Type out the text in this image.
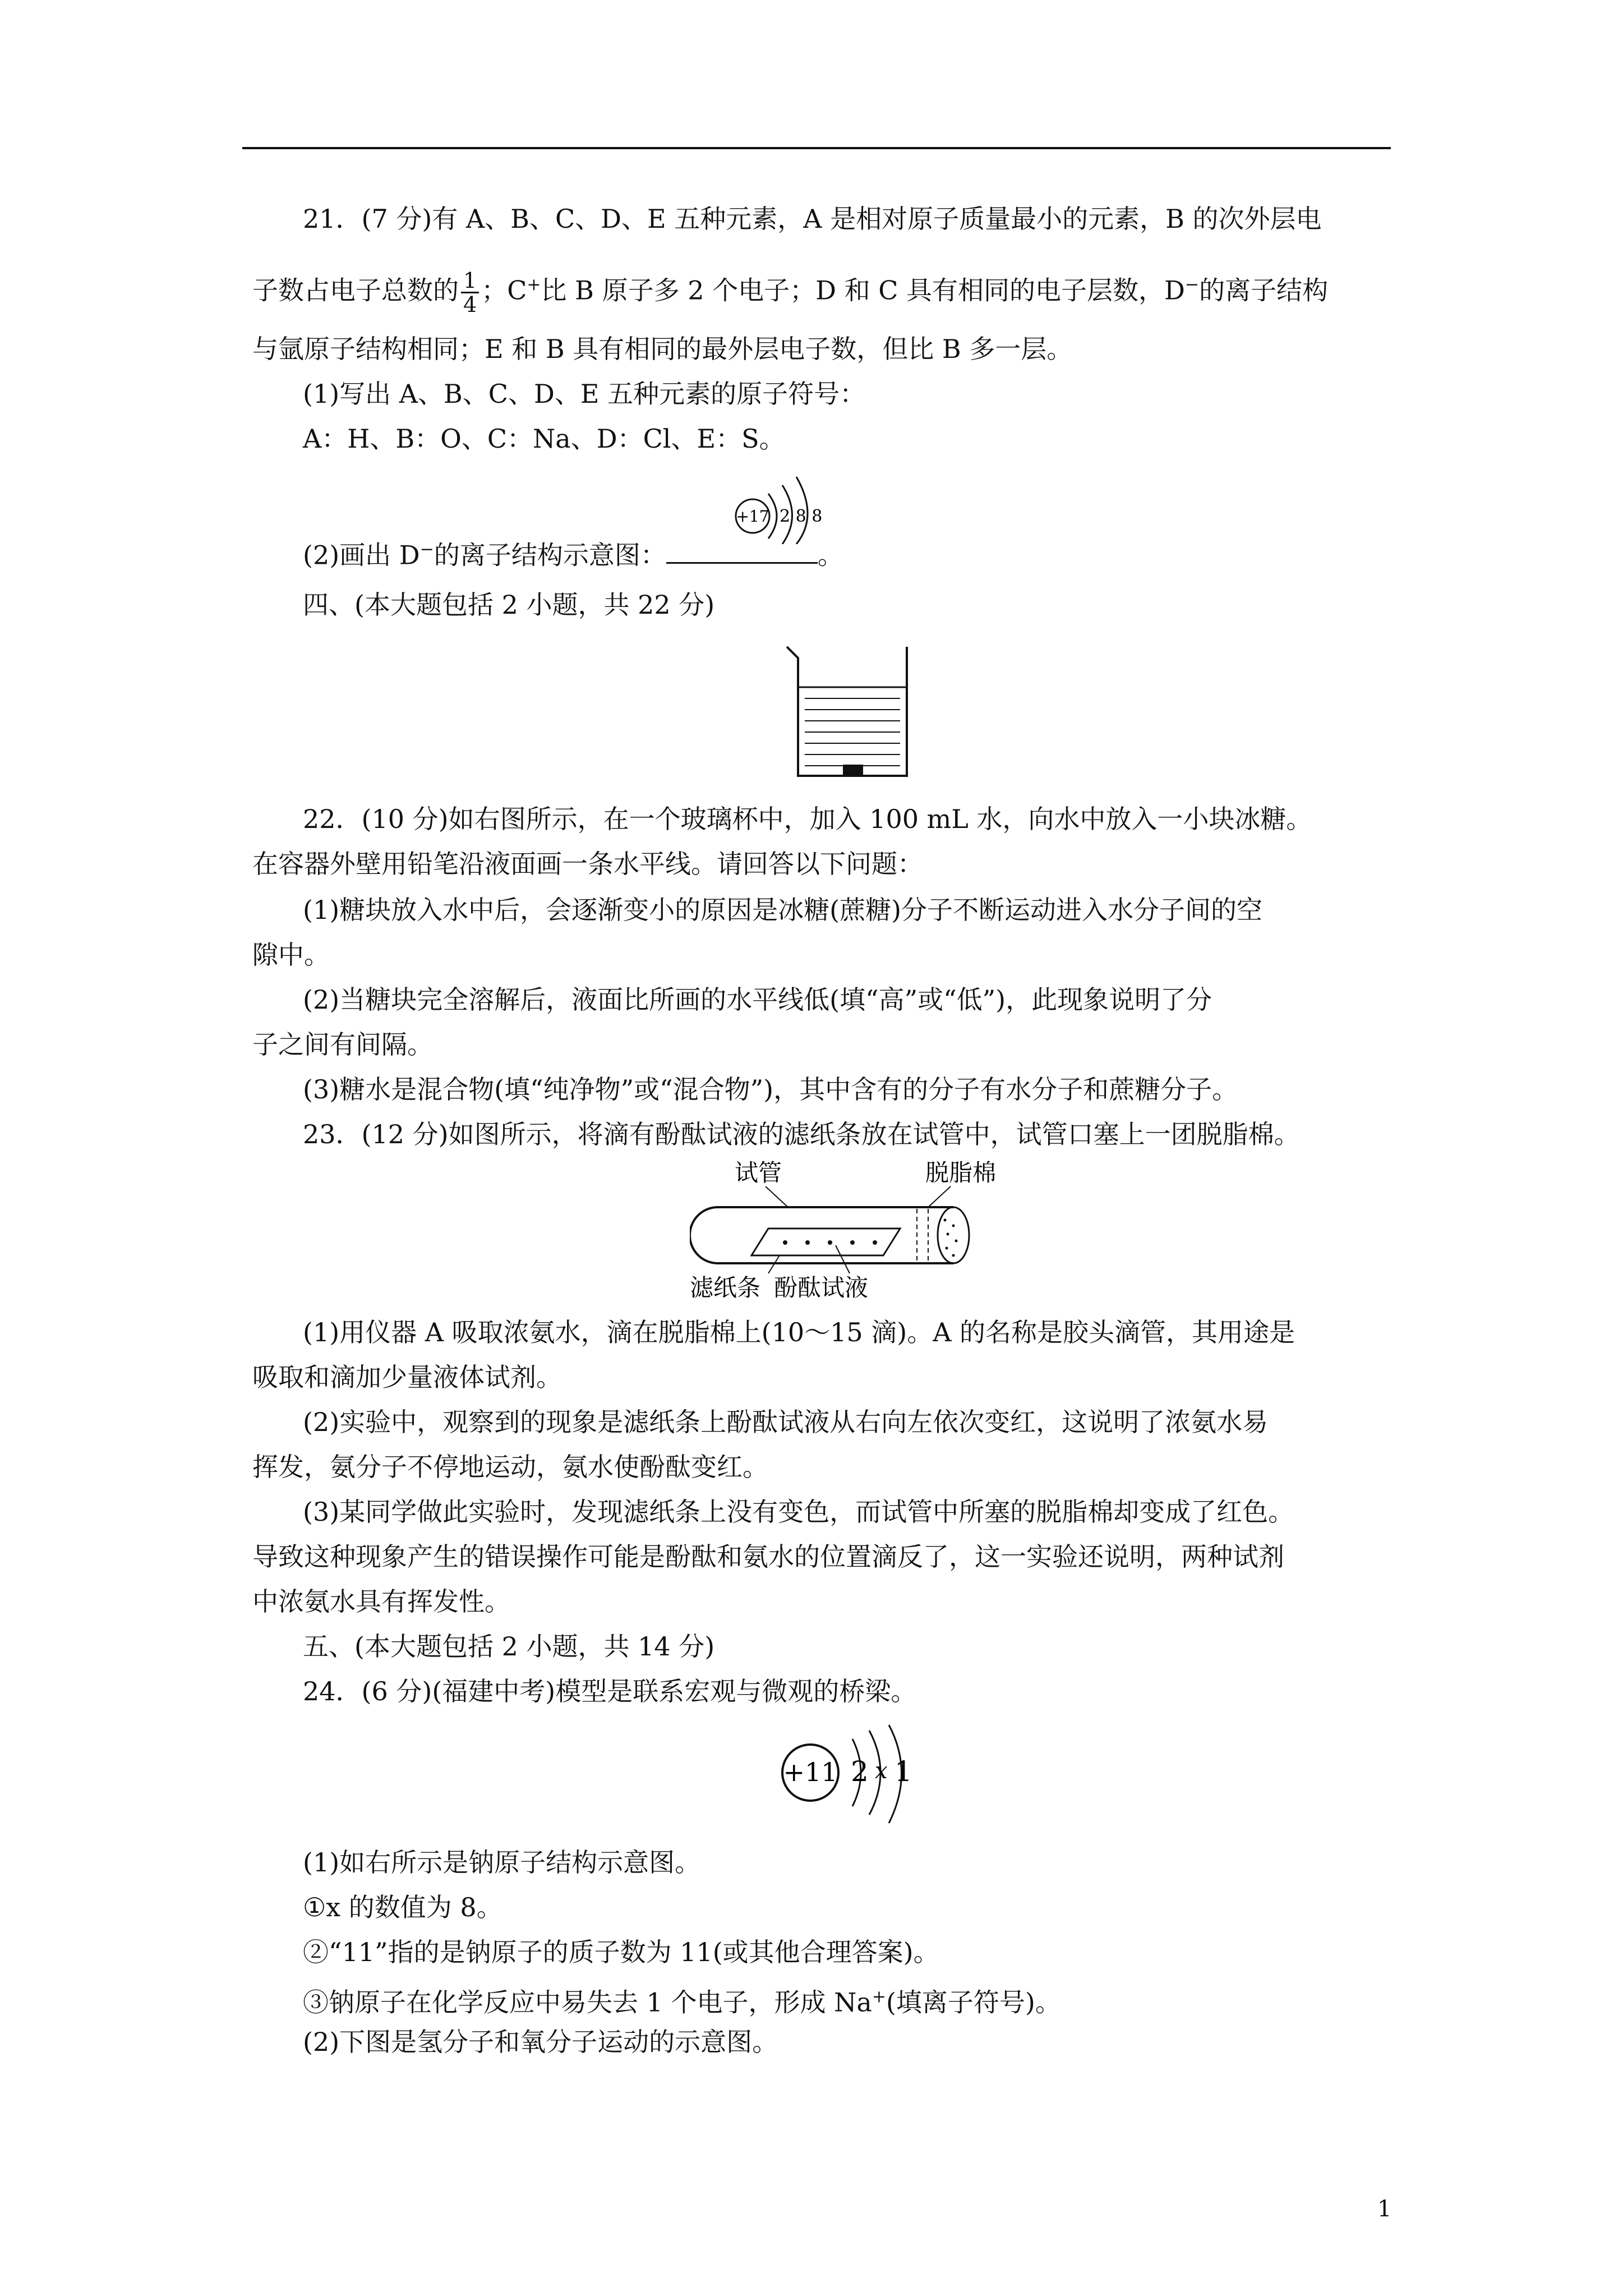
21．(7 分)有 A、B、C、D、E 五种元素，A 是相对原子质量最小的元素，B 的次外层电
子数占电子总数的 $\frac{1}{4}$ ；C+比 B 原子多 2 个电子；D 和 C 具有相同的电子层数，D−的离子结构
与氩原子结构相同；E 和 B 具有相同的最外层电子数，但比 B 多一层。
(1)写出 A、B、C、D、E 五种元素的原子符号：
A：H、B：O、C：Na、D：Cl、E：S。
+17 2 8 8
(2)画出 D−的离子结构示意图：	。
四、(本大题包括 2 小题，共 22 分)
22．(10 分)如右图所示，在一个玻璃杯中，加入 100 mL 水，向水中放入一小块冰糖。
在容器外壁用铅笔沿液面画一条水平线。请回答以下问题：
(1)糖块放入水中后，会逐渐变小的原因是冰糖(蔗糖)分子不断运动进入水分子间的空
隙中。
(2)当糖块完全溶解后，液面比所画的水平线低(填“高”或“低”)，此现象说明了分
子之间有间隔。
(3)糖水是混合物(填“纯净物”或“混合物”)，其中含有的分子有水分子和蔗糖分子。
23．(12 分)如图所示，将滴有酚酞试液的滤纸条放在试管中，试管口塞上一团脱脂棉。
试管	脱脂棉
滤纸条 酚酞试液
(1)用仪器 A 吸取浓氨水，滴在脱脂棉上(10～15 滴)。A 的名称是胶头滴管，其用途是
吸取和滴加少量液体试剂。
(2)实验中，观察到的现象是滤纸条上酚酞试液从右向左依次变红，这说明了浓氨水易
挥发，氨分子不停地运动，氨水使酚酞变红。
(3)某同学做此实验时，发现滤纸条上没有变色，而试管中所塞的脱脂棉却变成了红色。
导致这种现象产生的错误操作可能是酚酞和氨水的位置滴反了，这一实验还说明，两种试剂
中浓氨水具有挥发性。
五、(本大题包括 2 小题，共 14 分)
24．(6 分)(福建中考)模型是联系宏观与微观的桥梁。
+11 2 x 1
(1)如右所示是钠原子结构示意图。
①x 的数值为 8。
②“11”指的是钠原子的质子数为 11(或其他合理答案)。
③钠原子在化学反应中易失去 1 个电子，形成 Na+(填离子符号)。
(2)下图是氢分子和氧分子运动的示意图。
1
